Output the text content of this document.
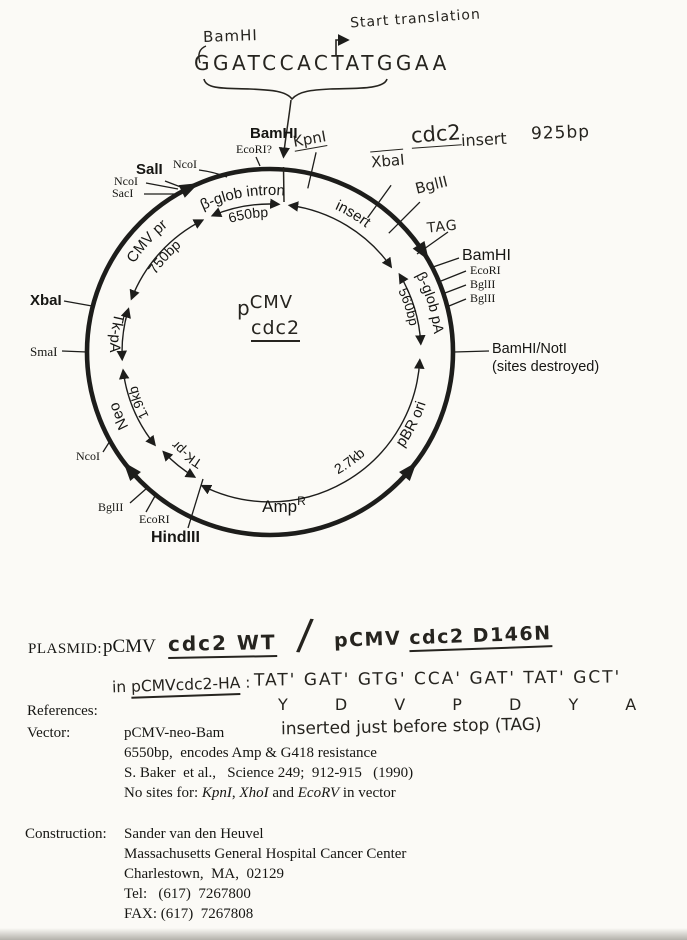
β-glob intron
650bp	insert
β-glob pA
560bp
CMV pr
750bp
Neo
1.9kb
TK-pr
Tk-pA
pBR ori
2.7kb
Amp$^R$
Start translation
BamHI
GGATCCACTATGGAA
BamHI
EcoRI? KpnI	cdc2
insert 925bp
XbaI
BglII
TAG
SalI NcoI
NcoI
SacI
XbaI
SmaI
NcoI
BglII
EcoRI
HindIII
BamHI
EcoRI
BglII
BglII
BamHI/NotI
(sites destroyed)
pCMV
cdc2
PLASMID: pCMV cdc2 WT / pCMV cdc2 D146N
in pCMVcdc2-HA : TAT' GAT' GTG' CCA' GAT' TAT' GCT'
Y D V P D Y A
inserted just before stop (TAG)
References:
Vector:	pCMV-neo-Bam
6550bp,  encodes Amp & G418 resistance
S. Baker  et al.,   Science 249;  912-915   (1990)
No sites for: KpnI, XhoI and EcoRV in vector
Construction: Sander van den Heuvel
Massachusetts General Hospital Cancer Center
Charlestown,  MA,  02129
Tel:   (617)  7267800
FAX: (617)  7267808
